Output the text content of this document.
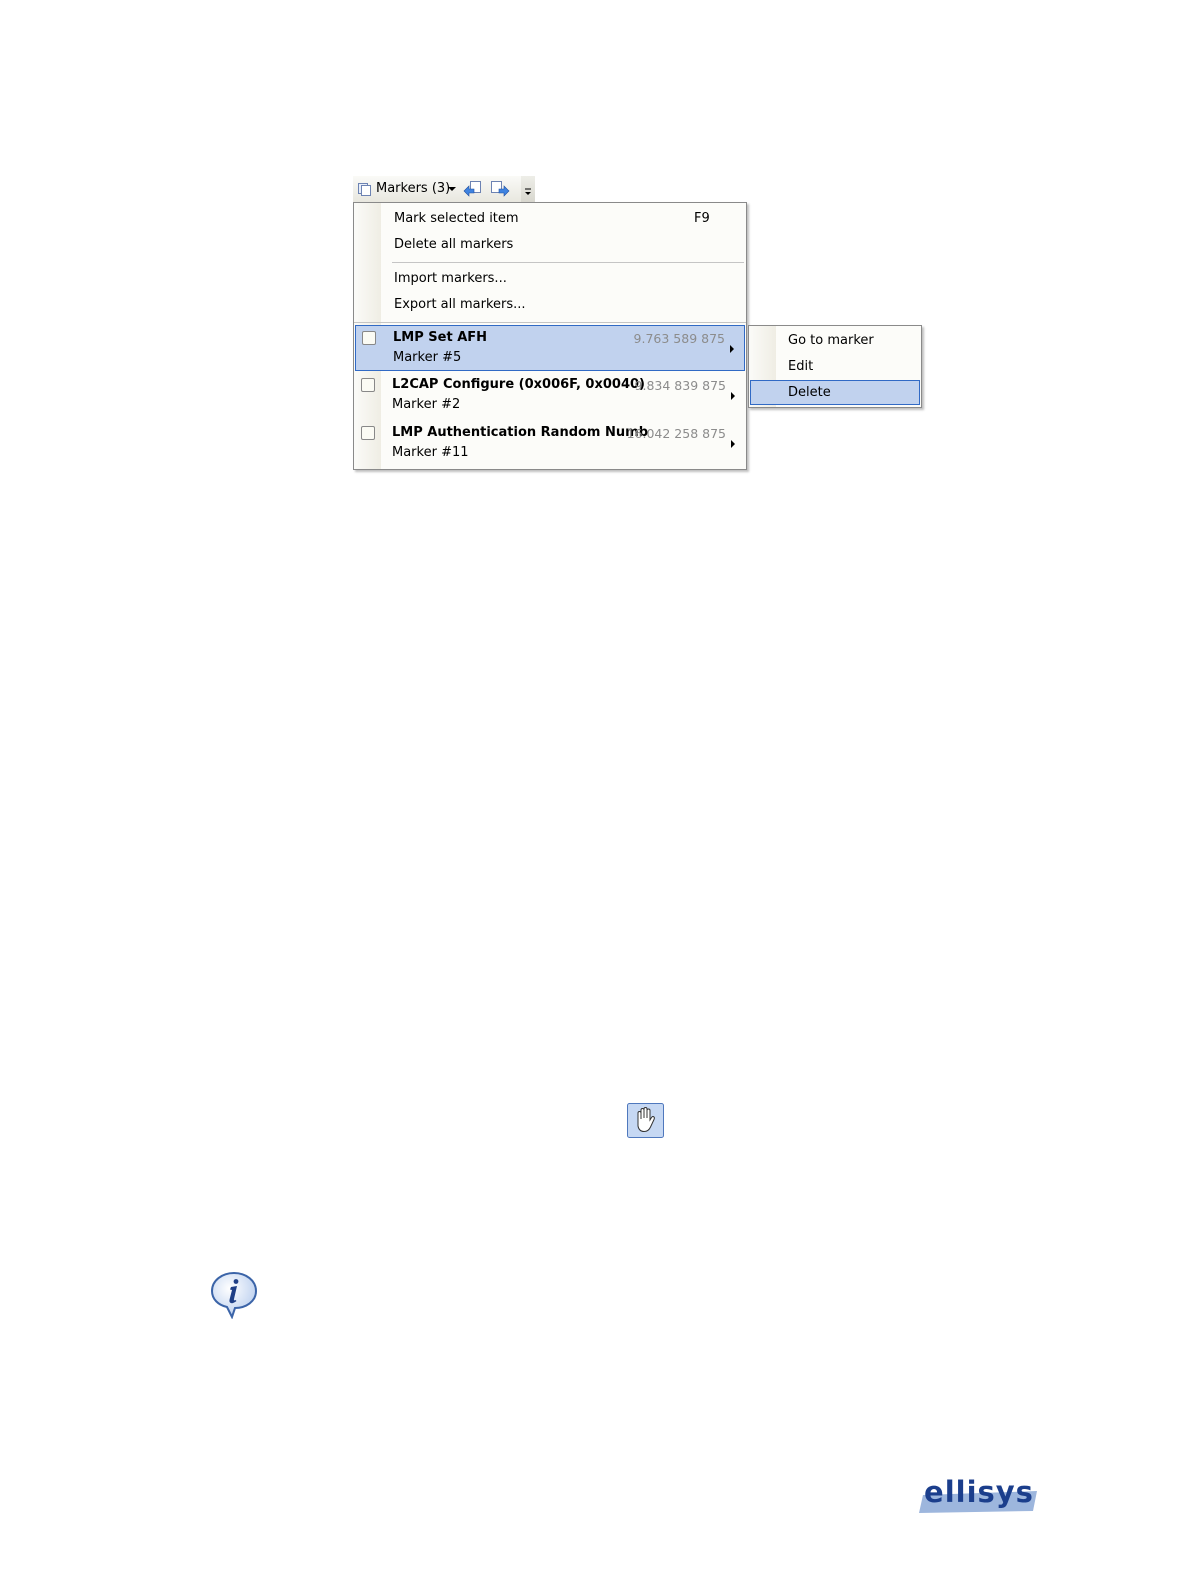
Markers (3)
Mark selected item	F9
Delete all markers
Import markers...
Export all markers...
LMP Set AFH
Marker #5
9.763 589 875
L2CAP Configure (0x006F, 0x0040)
Marker #2
9.834 839 875
LMP Authentication Random Numb
Marker #11
16.042 258 875
Go to marker
Edit
Delete
ellisys
